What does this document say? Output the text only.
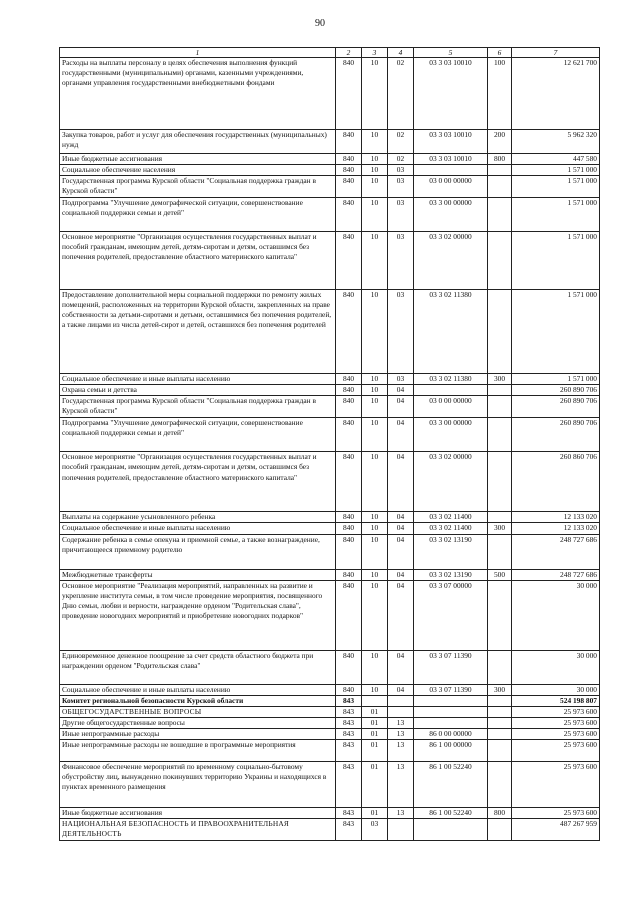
90
1	2	3	4	5	6	7
Расходы на выплаты персоналу в целях обеспечения выполнения функций государственными (муниципальными) органами, казенными учреждениями, органами управления государственными внебюджетными фондами	840	10	02	03 3 03 10010	100	12 621 700
Закупка товаров, работ и услуг для обеспечения государственных (муниципальных) нужд	840	10	02	03 3 03 10010	200	5 962 320
Иные бюджетные ассигнования	840	10	02	03 3 03 10010	800	447 580
Социальное обеспечение населения	840	10	03			1 571 000
Государственная программа Курской области "Социальная поддержка граждан в Курской области"	840	10	03	03 0 00 00000		1 571 000
Подпрограмма "Улучшение демографической ситуации, совершенствование социальной поддержки семьи и детей"	840	10	03	03 3 00 00000		1 571 000
Основное мероприятие "Организация осуществления государственных выплат и пособий гражданам, имеющим детей, детям-сиротам и детям, оставшимся без попечения родителей, предоставление областного материнского капитала"	840	10	03	03 3 02 00000		1 571 000
Предоставление дополнительной меры социальной поддержки по ремонту жилых помещений, расположенных на территории Курской области, закрепленных на праве собственности за детьми-сиротами и детьми, оставшимися без попечения родителей, а также лицами из числа детей-сирот и детей, оставшихся без попечения родителей	840	10	03	03 3 02 11380		1 571 000
Социальное обеспечение и иные выплаты населению	840	10	03	03 3 02 11380	300	1 571 000
Охрана семьи и детства	840	10	04			260 890 706
Государственная программа Курской области "Социальная поддержка граждан в Курской области"	840	10	04	03 0 00 00000		260 890 706
Подпрограмма "Улучшение демографической ситуации, совершенствование социальной поддержки семьи и детей"	840	10	04	03 3 00 00000		260 890 706
Основное мероприятие "Организация осуществления государственных выплат и пособий гражданам, имеющим детей, детям-сиротам и детям, оставшимся без попечения родителей, предоставление областного материнского капитала"	840	10	04	03 3 02 00000		260 860 706
Выплаты на содержание усыновленного ребенка	840	10	04	03 3 02 11400		12 133 020
Социальное обеспечение и иные выплаты населению	840	10	04	03 3 02 11400	300	12 133 020
Содержание ребенка в семье опекуна и приемной семье, а также вознаграждение, причитающееся приемному родителю	840	10	04	03 3 02 13190		248 727 686
Межбюджетные трансферты	840	10	04	03 3 02 13190	500	248 727 686
Основное мероприятие "Реализация мероприятий, направленных на развитие и укрепление института семьи, в том числе проведение мероприятия, посвященного Дню семьи, любви и верности, награждение орденом "Родительская слава", проведение новогодних мероприятий и приобретение новогодних подарков"	840	10	04	03 3 07 00000		30 000
Единовременное денежное поощрение за счет средств областного бюджета при награждении орденом "Родительская слава"	840	10	04	03 3 07 11390		30 000
Социальное обеспечение и иные выплаты населению	840	10	04	03 3 07 11390	300	30 000
Комитет региональной безопасности Курской области	843					524 198 807
ОБЩЕГОСУДАРСТВЕННЫЕ ВОПРОСЫ	843	01				25 973 600
Другие общегосударственные вопросы	843	01	13			25 973 600
Иные непрограммные расходы	843	01	13	86 0 00 00000		25 973 600
Иные непрограммные расходы не вошедшие в программные мероприятия	843	01	13	86 1 00 00000		25 973 600
Финансовое обеспечение мероприятий по временному социально-бытовому обустройству лиц, вынужденно покинувших территорию Украины и находящихся в пунктах временного размещения	843	01	13	86 1 00 52240		25 973 600
Иные бюджетные ассигнования	843	01	13	86 1 00 52240	800	25 973 600
НАЦИОНАЛЬНАЯ БЕЗОПАСНОСТЬ И ПРАВООХРАНИТЕЛЬНАЯ ДЕЯТЕЛЬНОСТЬ	843	03				487 267 959
